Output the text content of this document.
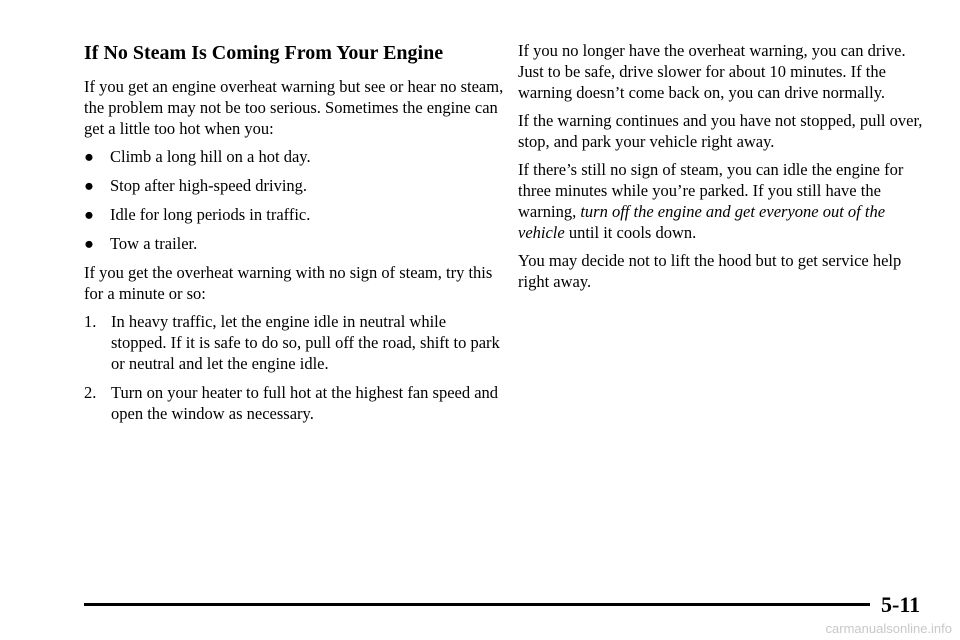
If No Steam Is Coming From Your Engine

If you get an engine overheat warning but see or hear no steam, the problem may not be too serious. Sometimes the engine can get a little too hot when you:

● Climb a long hill on a hot day.
● Stop after high-speed driving.
● Idle for long periods in traffic.
● Tow a trailer.

If you get the overheat warning with no sign of steam, try this for a minute or so:

1. In heavy traffic, let the engine idle in neutral while stopped. If it is safe to do so, pull off the road, shift to park or neutral and let the engine idle.
2. Turn on your heater to full hot at the highest fan speed and open the window as necessary.

If you no longer have the overheat warning, you can drive. Just to be safe, drive slower for about 10 minutes. If the warning doesn’t come back on, you can drive normally.

If the warning continues and you have not stopped, pull over, stop, and park your vehicle right away.

If there’s still no sign of steam, you can idle the engine for three minutes while you’re parked. If you still have the warning, turn off the engine and get everyone out of the vehicle until it cools down.

You may decide not to lift the hood but to get service help right away.

5-11
carmanualsonline.info
